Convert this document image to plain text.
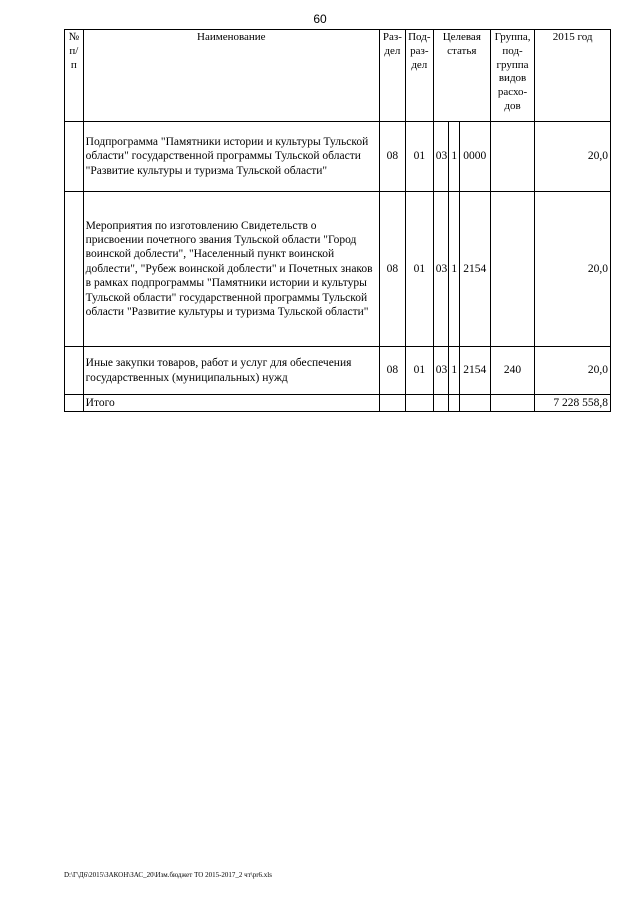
60
№ п/п	Наименование	Раз-дел	Под-раз-дел	Целевая статья			Группа, под-группа видов расхо-дов	2015 год
	Подпрограмма "Памятники истории и культуры Тульской области" государственной программы Тульской области "Развитие культуры и туризма Тульской области"	08	01	03	1	0000		20,0
	Мероприятия по изготовлению Свидетельств о присвоении почетного звания Тульской области "Город воинской доблести", "Населенный пункт воинской доблести", "Рубеж воинской доблести" и Почетных знаков в рамках подпрограммы "Памятники истории и культуры Тульской области" государственной программы Тульской области "Развитие культуры и туризма Тульской области"	08	01	03	1	2154		20,0
	Иные закупки товаров, работ и услуг для обеспечения государственных (муниципальных) нужд	08	01	03	1	2154	240	20,0
	Итого							7 228 558,8
D:\Г\Д6\2015\ЗАКОН\ЗАС_20\Изм.бюджет ТО 2015-2017_2 чт\pr6.xls
